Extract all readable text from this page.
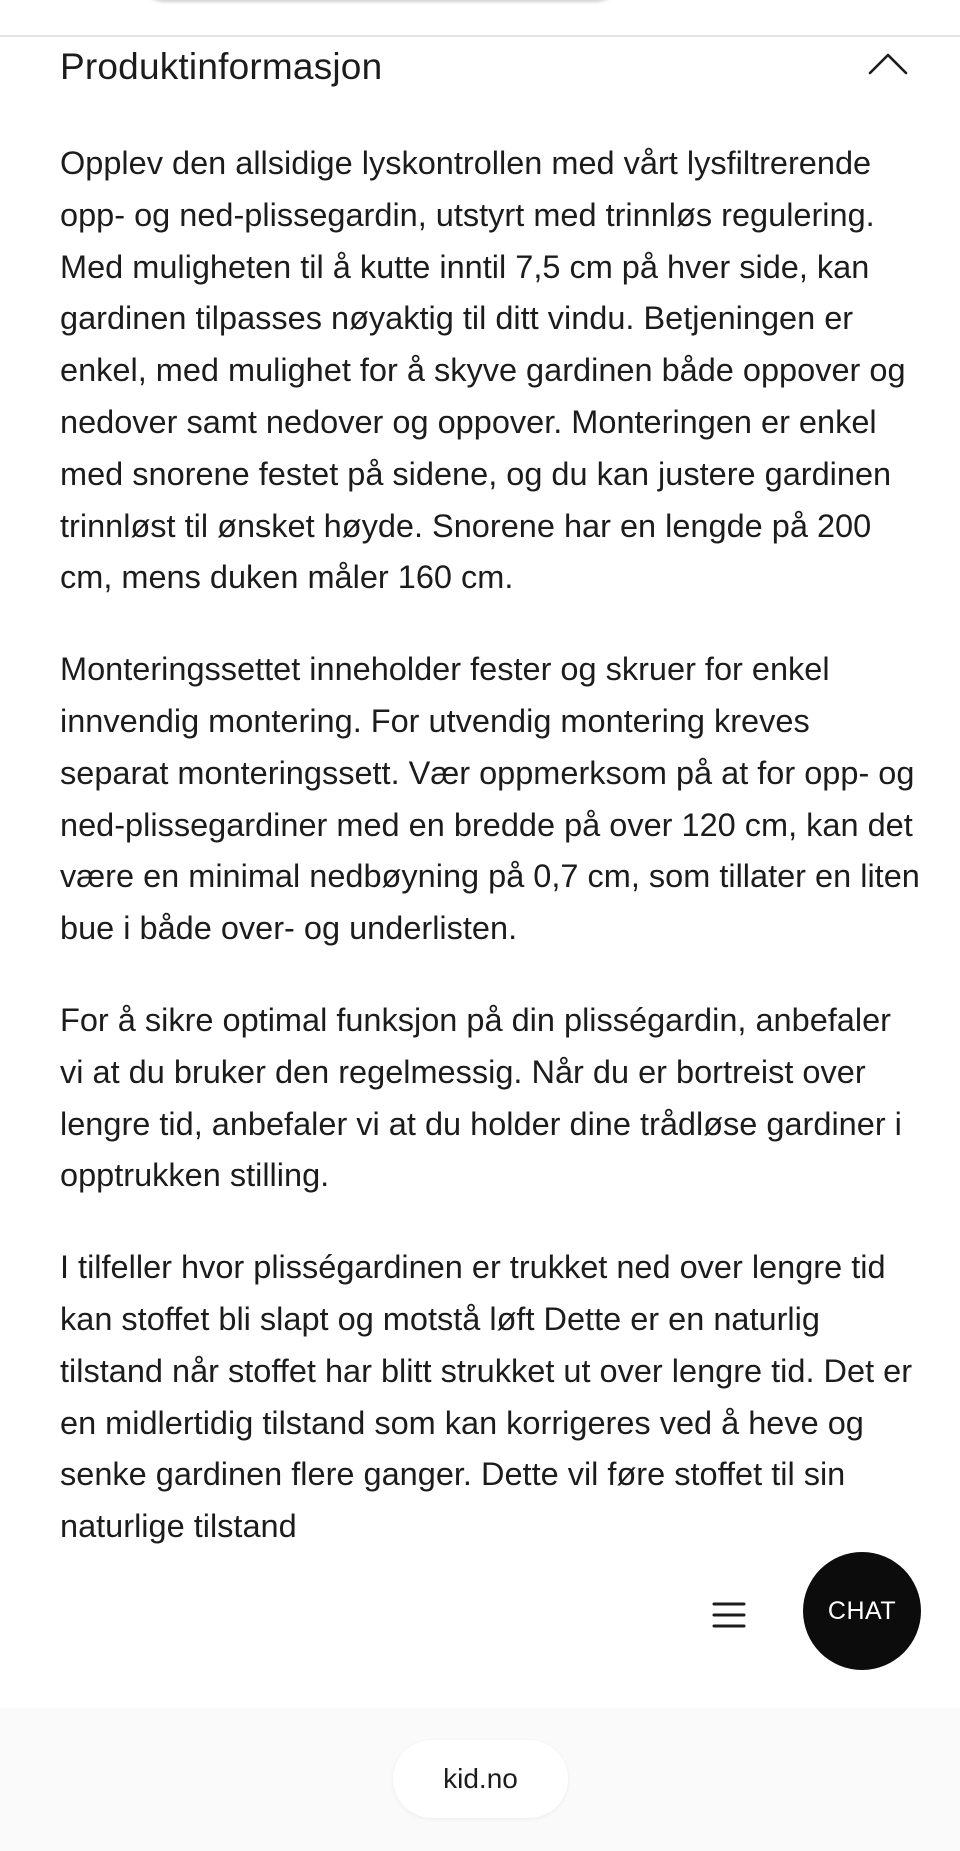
Produktinformasjon

Opplev den allsidige lyskontrollen med vårt lysfiltrerende opp- og ned-plissegardin, utstyrt med trinnløs regulering. Med muligheten til å kutte inntil 7,5 cm på hver side, kan gardinen tilpasses nøyaktig til ditt vindu. Betjeningen er enkel, med mulighet for å skyve gardinen både oppover og nedover samt nedover og oppover. Monteringen er enkel med snorene festet på sidene, og du kan justere gardinen trinnløst til ønsket høyde. Snorene har en lengde på 200 cm, mens duken måler 160 cm.

Monteringssettet inneholder fester og skruer for enkel innvendig montering. For utvendig montering kreves separat monteringssett. Vær oppmerksom på at for opp- og ned-plissegardiner med en bredde på over 120 cm, kan det være en minimal nedbøyning på 0,7 cm, som tillater en liten bue i både over- og underlisten.

For å sikre optimal funksjon på din plisségardin, anbefaler vi at du bruker den regelmessig. Når du er bortreist over lengre tid, anbefaler vi at du holder dine trådløse gardiner i opptrukken stilling.

I tilfeller hvor plisségardinen er trukket ned over lengre tid kan stoffet bli slapt og motstå løft Dette er en naturlig tilstand når stoffet har blitt strukket ut over lengre tid. Det er en midlertidig tilstand som kan korrigeres ved å heve og senke gardinen flere ganger. Dette vil føre stoffet til sin naturlige tilstand

kid.no
CHAT
